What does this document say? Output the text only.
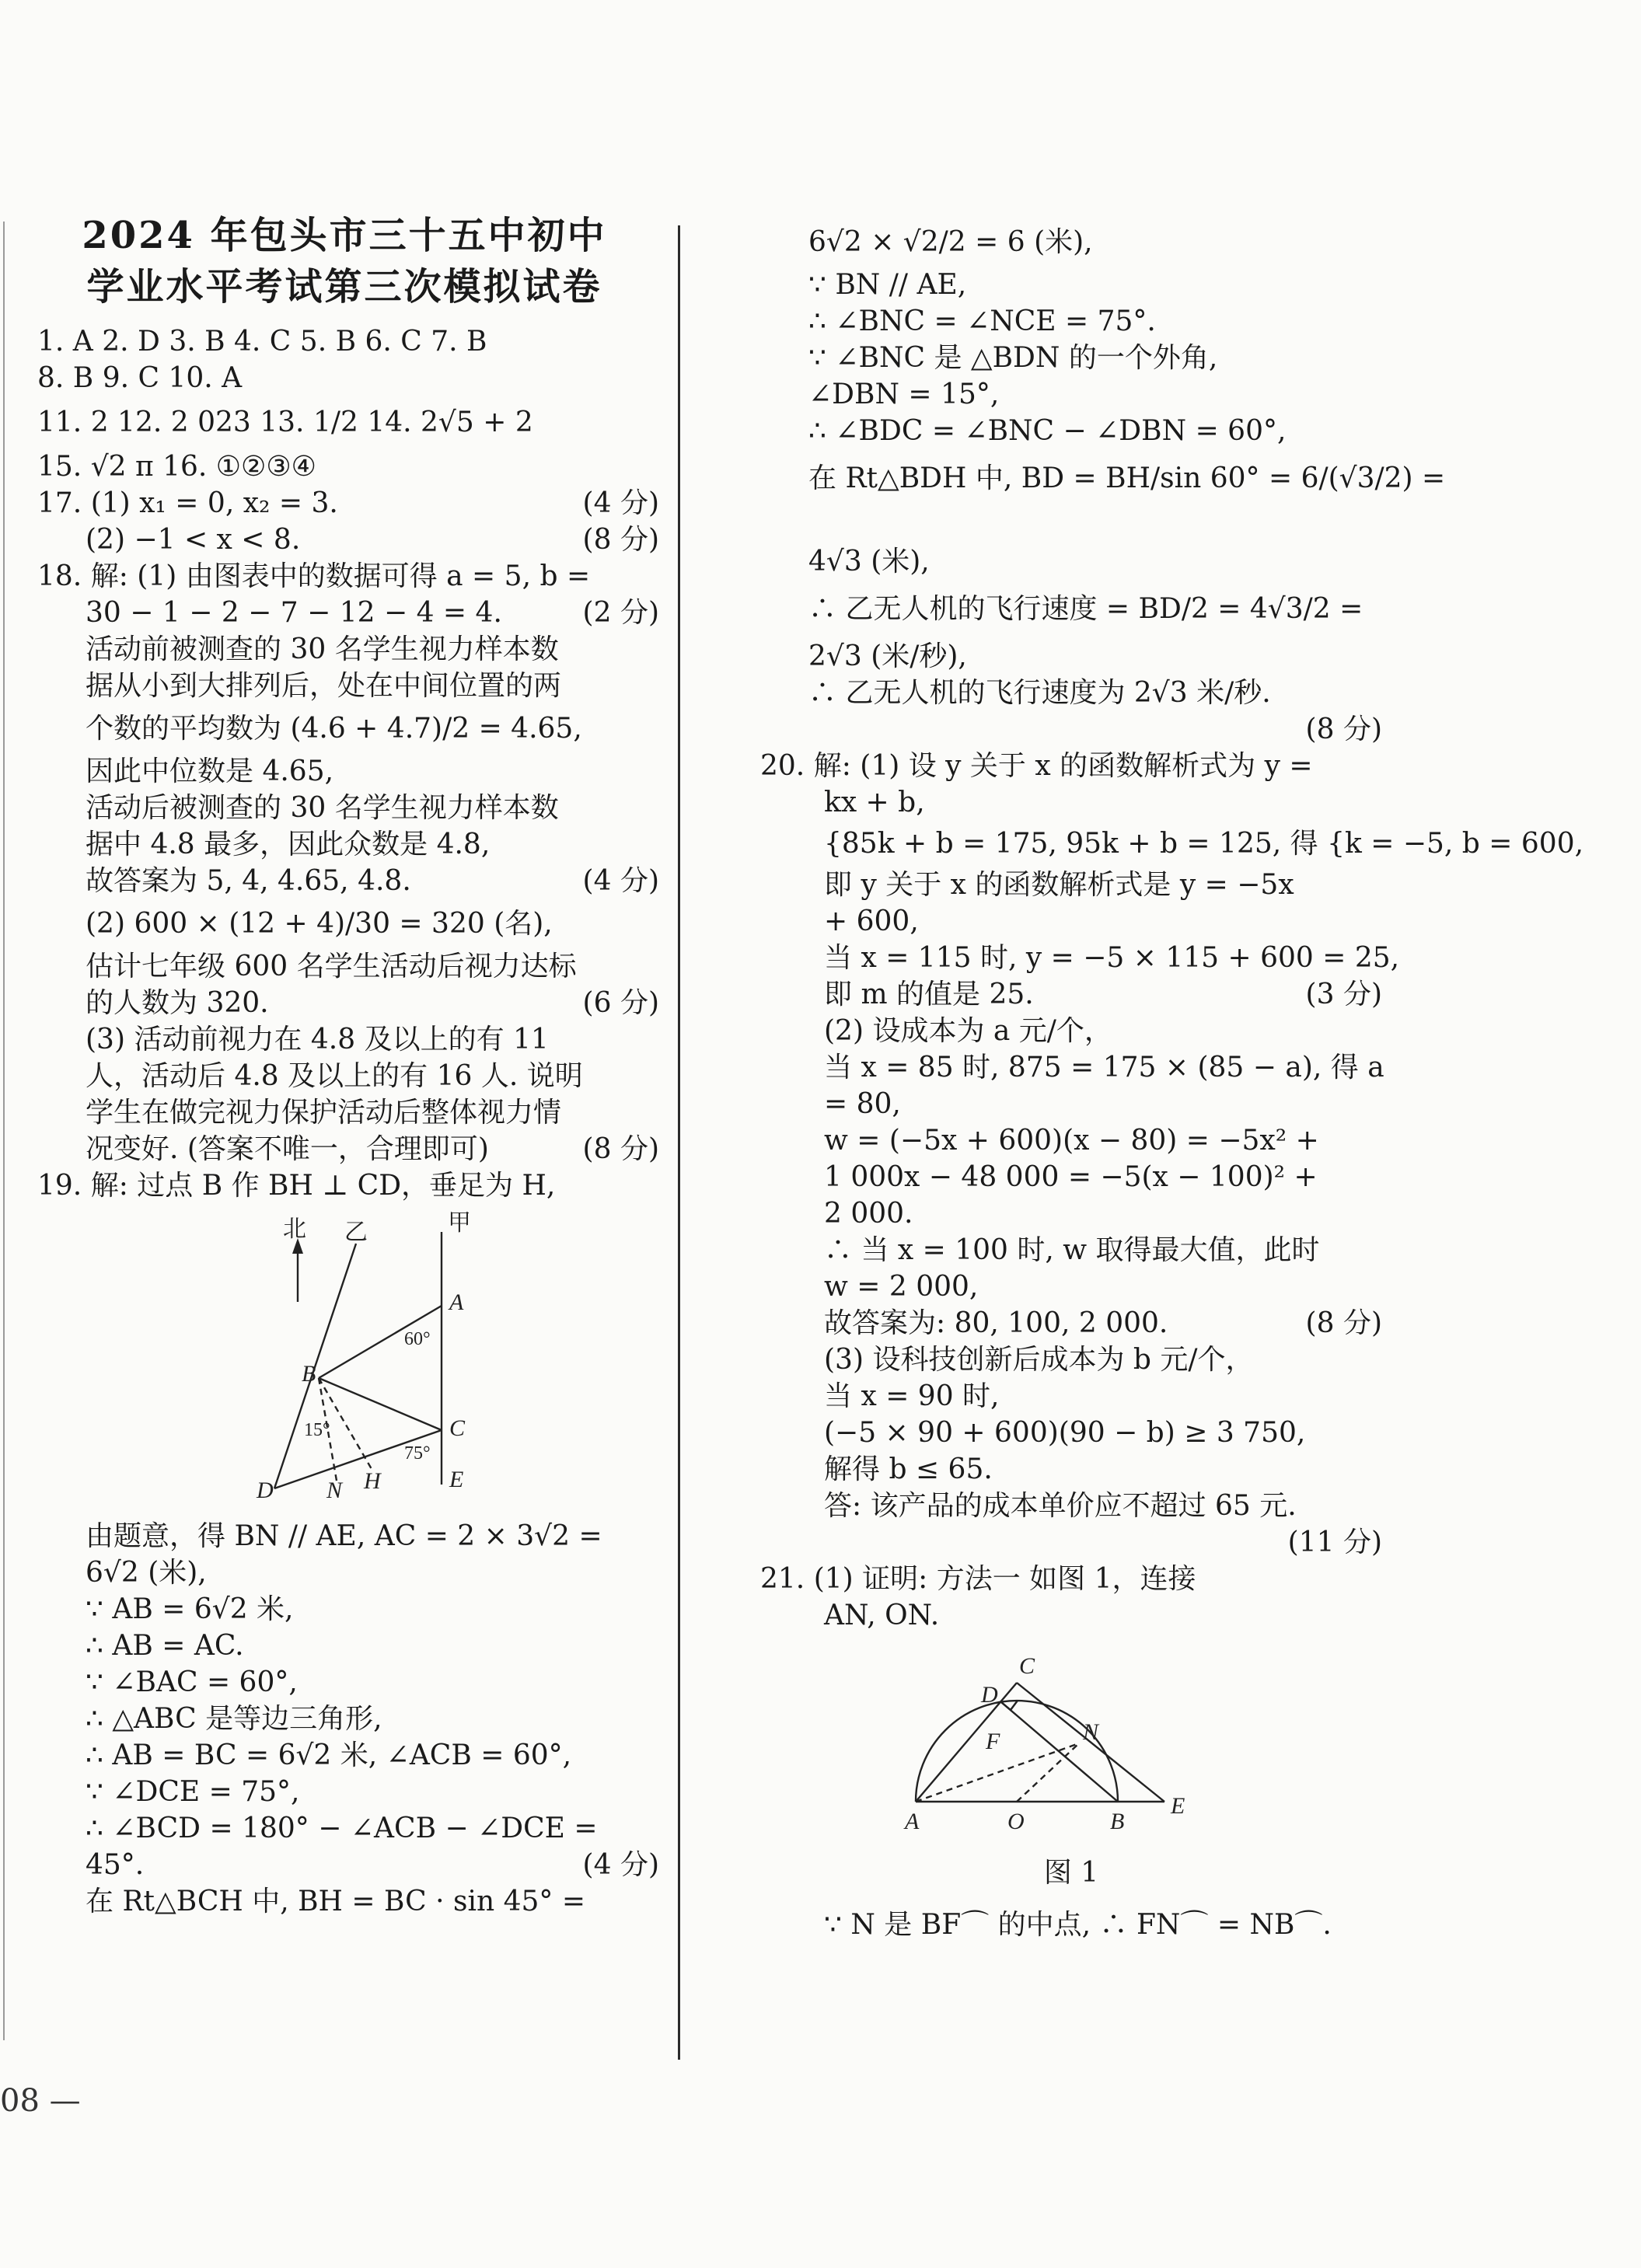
2024 年包头市三十五中初中
学业水平考试第三次模拟试卷
1. A 2. D 3. B 4. C 5. B 6. C 7. B
8. B 9. C 10. A
11. 2 12. 2 023 13. 1/2 14. 2√5 + 2
15. √2 π 16. ①②③④
17. (1) x₁ = 0, x₂ = 3.	(4 分)
(2) −1 < x < 8.	(8 分)
18. 解: (1) 由图表中的数据可得 a = 5, b =
30 − 1 − 2 − 7 − 12 − 4 = 4.	(2 分)
活动前被测查的 30 名学生视力样本数
据从小到大排列后，处在中间位置的两
个数的平均数为 (4.6 + 4.7)/2 = 4.65,
因此中位数是 4.65,
活动后被测查的 30 名学生视力样本数
据中 4.8 最多，因此众数是 4.8,
故答案为 5, 4, 4.65, 4.8.	(4 分)
(2) 600 × (12 + 4)/30 = 320 (名),
估计七年级 600 名学生活动后视力达标
的人数为 320.	(6 分)
(3) 活动前视力在 4.8 及以上的有 11
人，活动后 4.8 及以上的有 16 人. 说明
学生在做完视力保护活动后整体视力情
况变好. (答案不唯一，合理即可)	(8 分)
19. 解: 过点 B 作 BH ⊥ CD，垂足为 H,
北 乙	甲
A
B
C
D	E
N H
60°
15°
75°
由题意，得 BN // AE, AC = 2 × 3√2 =
6√2 (米),
∵ AB = 6√2 米,
∴ AB = AC.
∵ ∠BAC = 60°,
∴ △ABC 是等边三角形,
∴ AB = BC = 6√2 米, ∠ACB = 60°,
∵ ∠DCE = 75°,
∴ ∠BCD = 180° − ∠ACB − ∠DCE =
45°.	(4 分)
在 Rt△BCH 中, BH = BC · sin 45° =
6√2 × √2/2 = 6 (米),
∵ BN // AE,
∴ ∠BNC = ∠NCE = 75°.
∵ ∠BNC 是 △BDN 的一个外角,
∠DBN = 15°,
∴ ∠BDC = ∠BNC − ∠DBN = 60°,
在 Rt△BDH 中, BD = BH/sin 60° = 6/(√3/2) =
4√3 (米),
∴ 乙无人机的飞行速度 = BD/2 = 4√3/2 =
2√3 (米/秒),
∴ 乙无人机的飞行速度为 2√3 米/秒.
(8 分)
20. 解: (1) 设 y 关于 x 的函数解析式为 y =
kx + b,
{85k + b = 175, 95k + b = 125, 得 {k = −5, b = 600,
即 y 关于 x 的函数解析式是 y = −5x
+ 600,
当 x = 115 时, y = −5 × 115 + 600 = 25,
即 m 的值是 25.	(3 分)
(2) 设成本为 a 元/个，
当 x = 85 时, 875 = 175 × (85 − a), 得 a
= 80,
w = (−5x + 600)(x − 80) = −5x² +
1 000x − 48 000 = −5(x − 100)² +
2 000.
∴ 当 x = 100 时, w 取得最大值，此时
w = 2 000,
故答案为: 80, 100, 2 000.	(8 分)
(3) 设科技创新后成本为 b 元/个，
当 x = 90 时,
(−5 × 90 + 600)(90 − b) ≥ 3 750,
解得 b ≤ 65.
答: 该产品的成本单价应不超过 65 元.
(11 分)
21. (1) 证明: 方法一 如图 1，连接
AN, ON.
A	B
C
D
E
F	N
O
图 1
∵ N 是 BF⌒ 的中点, ∴ FN⌒ = NB⌒.
08 —
